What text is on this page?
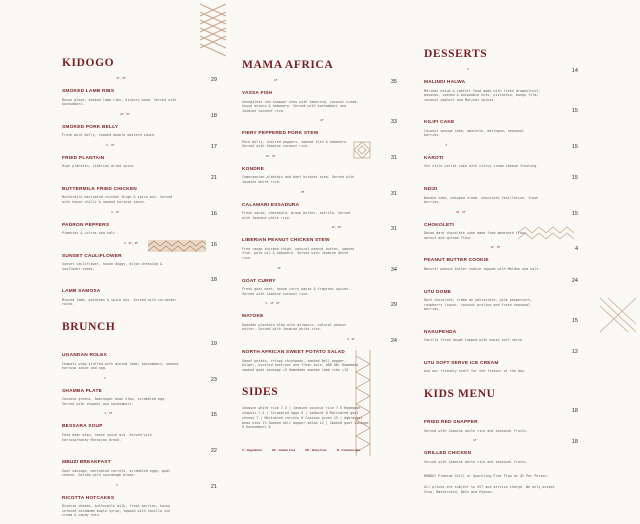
KIDOGO
SMOKED LAMB $RIBS^{GF, DF}$	29
Bocue glaze, smoked lamb ribs, hickory wood. Served with kachumbari.
SMOKED PORK $BELLY^{GF, DF}$	18
Fresh pork belly, topped double mustard sauce.
FRIED $PLANTAIN^{V, GF}$	17
Ripe plantain, Liberian dried spice.
BUTTERMILK FRIED CHICKEN
21
Buttermilk marinated chicken thigh & spice mix. Served with house chilli & smoked harissa sauce.
PADRON $PEPPERS^{V, GF}$	16
Pimentos & citrus sea salt.
SUNSET $CAULIFLOWER^{V, GF, DF}$	16
Sunset cauliflower, house doggy, dijon dressing & sunflower seeds.
LAMB SAMOSA
18
Minced lamb, potatoes & spice mix. Served with coriander raita.
BRUNCH
UGANDAN ROLEX
19
Chapati wrap stuffed with minced lamb, kachumbari, smoked harissa sauce and egg.
SHAMBA $PLATE^V$	23
Cassava greens, Ambrasgot bean stew, scrambled egg. Served with chapati and kachumbari.
BESSARA $SOUP^{V, DF}$	15
Fava bean miso, house spice mix. Served with harissa/honey Moroccan bread.
MBUZI BREAKFAST
22
Goat sausage, marinated carrots, scrambled eggs, goat cheese. Served with sourdough bread.
RICOTTA $HOTCAKES^V$	21
Ricotta cheese, buttermilk milk, fresh berries, house infused cardamom maple syrup, topped with vanilla ice cream & candy nuts.
MAMA AFRICA
YASSA $FISH^{GF}$	35
Senegalese red snapper stew with tamarind, coconut cream, house onions & habanero. Served with kachumbari and Jasmine coconut rice.
FIERY PEPPERED PORK $STEW^{GF}$	33
Pork belly, charred peppers, smoked fish & habanero. Served with Jasmine coconut rice.
$KONDRE^{GF, DF}$	31
Cameroonian plantain and beef brisket stew. Served with Jasmine white rice.
CALAMARI $ESSADURA^{DF}$	31
Fresh squid, chermoula, brown butter, sofrito. Served with Jasmine white rice.
LIBERIAN PEANUT CHICKEN $STEW^{GF, DF}$	31
Free range chicken thigh, natural peanut butter, smoked fish, palm oil & habanero. Served with Jasmine white rice.
GOAT $CURRY^{GF}$	34
Fresh goat meat, house curry paste & fragrant spices. Served with Jasmine coconut rice.
$MATOKE^{V, GF, DF}$	29
Ugandan plantain stew with mirepoix, natural peanut butter. Served with Jasmine white rice.
NORTH AFRICAN SWEET POTATO $SALAD^{V, GF}$	24
Sweet potato, crispy chickpeas, smoked bell pepper, bulgur, pickled beetroot and fresh kale. ADD ON: Homemade smoked goat sausage +9 Homemade smoked lamb ribs +15
SIDES
Jasmine white rice 7.5 | Jasmine coconut rice 7.5 Homemade chapati 7.5 | Scrambled eggs 6 | Sadbout 8 Marinated goat cheese 7 | Marinated carrots 8 Cassava green 15 | Ambrasgot bean stew 13 Smoked bell pepper salad 12 | Smoked goat sausage 9 Kachumbari 8
V - Vegetarian	GF - Gluten Free	DF - Dairy Free	N - Contains Nut
DESSERTS
MALINDI $HALWA^V$	14
Malindi halwa & comfort food made with fresh dragonfruit, bananas, cashew & macadamia nuts, pistachio, mango film, coconut yoghurt and Malindi spices.
KILIFI CAKE
15
Coconut sponge cake, amaretto, meringue, seasonal berries.
$KAROTI^V$	15
Sto style carrot cake with citrus cream cheese frosting.
NDIZI
15
Banana cake, whipped cream, chocolate feuilletine, fresh berries.
$CHOKOLETI^{GF, DF}$	15
Decan dark chocolate cake made from amaranth flour, walnut and quinoa flour.
PEANUT BUTTER $COOKIE^{GF, DF}$	4
Natural peanut butter cookie topped with Maldon sea salt.
UTU DOME
24
Dark chocolate, crème de pâtissière, pink peppercorn, raspberry liquor, coconut praline and fresh seasonal berries.
NAKUPENDA
15
Vanilla fried dough topped with house soft serve.
UTU SOFT SERVE ICE CREAM
12
Ask our friendly staff for the flavour of the day.
KIDS MENU
FRIED RED SNAPPER
18
Served with Jasmine white rice and seasonal fruits.
GRILLED $CHICKEN^{GF}$	18
Served with Jasmine white rice and seasonal fruits.
MONDAY Premium Still or Sparkling Free Flow at $2 Per Person.
All prices are subject to GST and service charge. We only accept Visa, Mastercard, Nets and Paynow.
